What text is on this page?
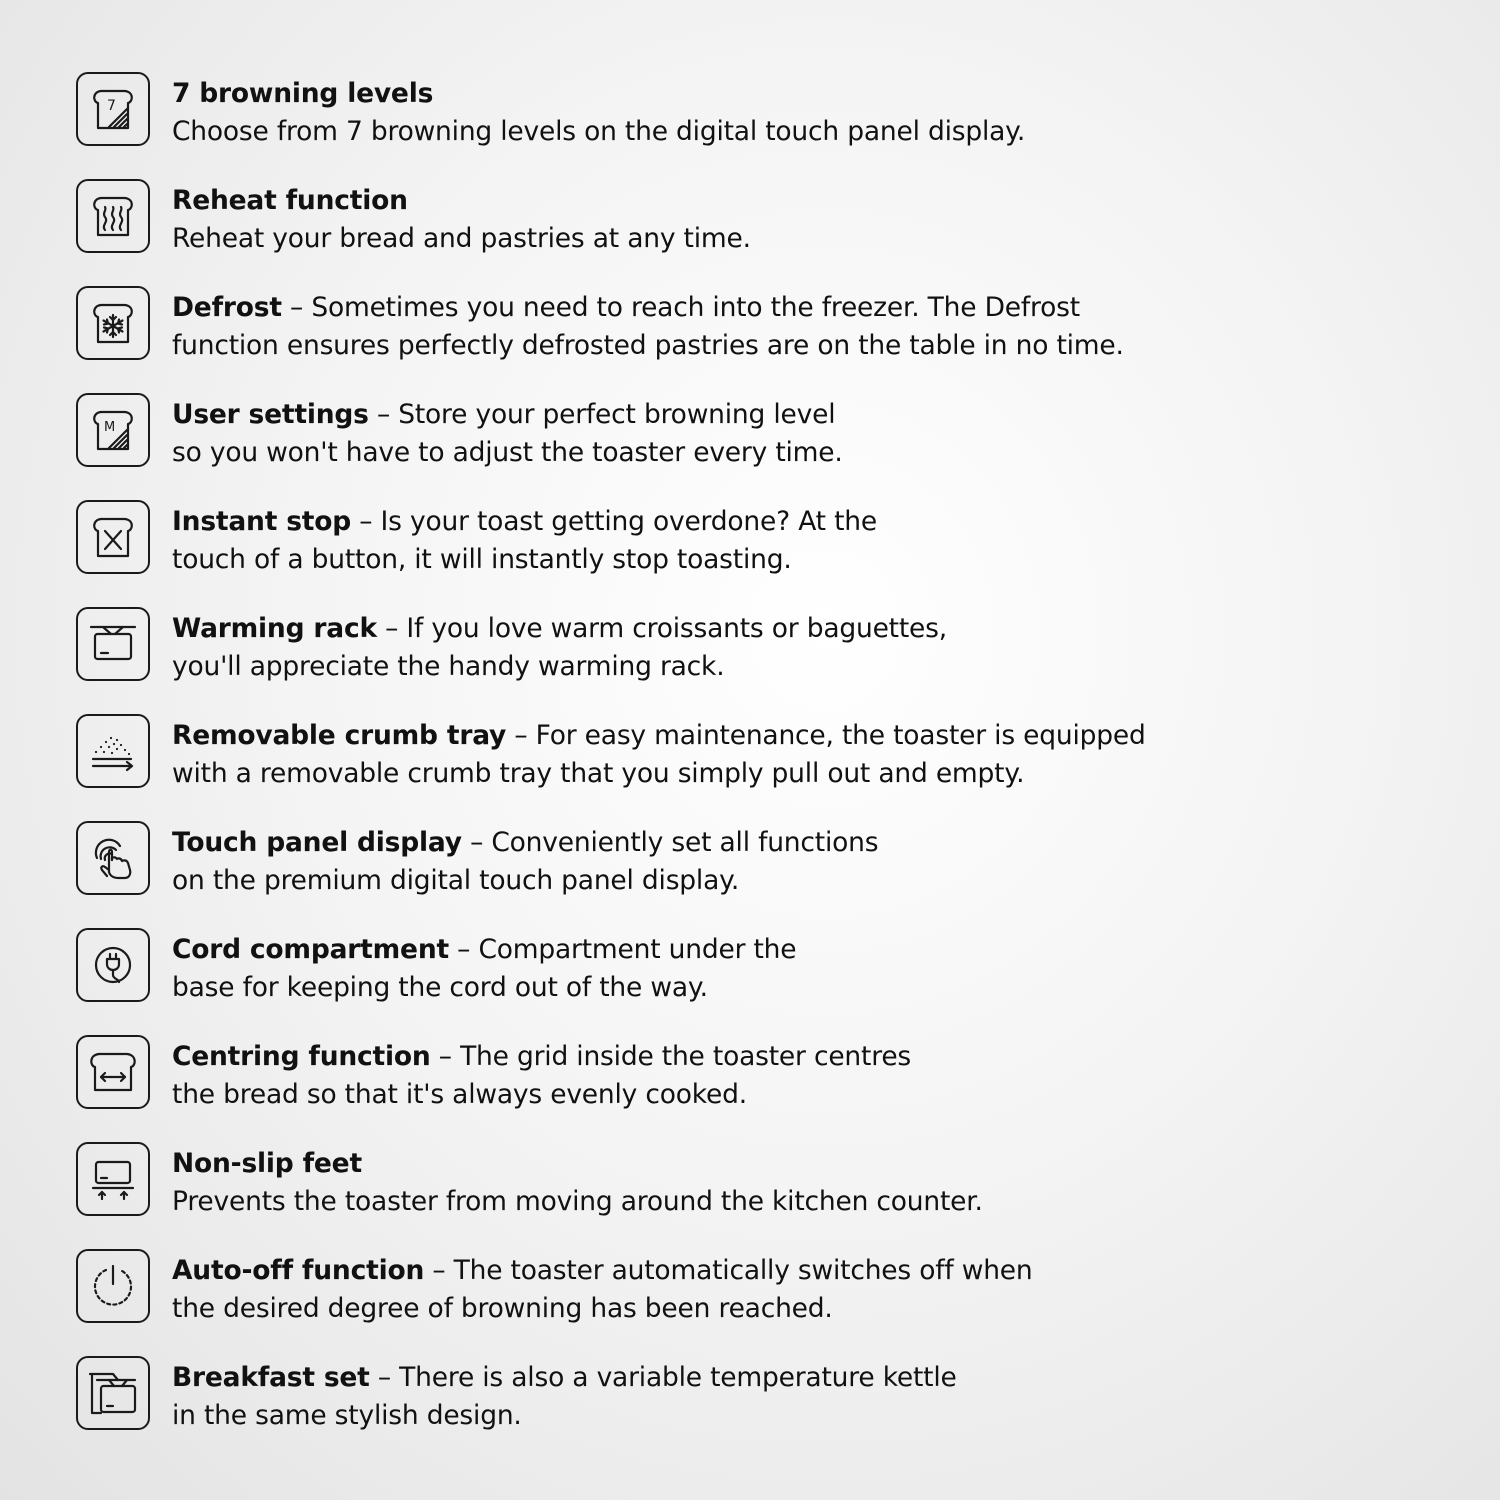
7 7 browning levels
Choose from 7 browning levels on the digital touch panel display.
Reheat function
Reheat your bread and pastries at any time.
Defrost – Sometimes you need to reach into the freezer. The Defrost
function ensures perfectly defrosted pastries are on the table in no time.
M User settings – Store your perfect browning level
so you won't have to adjust the toaster every time.
Instant stop – Is your toast getting overdone? At the
touch of a button, it will instantly stop toasting.
Warming rack – If you love warm croissants or baguettes,
you'll appreciate the handy warming rack.
Removable crumb tray – For easy maintenance, the toaster is equipped
with a removable crumb tray that you simply pull out and empty.
Touch panel display – Conveniently set all functions
on the premium digital touch panel display.
Cord compartment – Compartment under the
base for keeping the cord out of the way.
Centring function – The grid inside the toaster centres
the bread so that it's always evenly cooked.
Non-slip feet
Prevents the toaster from moving around the kitchen counter.
Auto-off function – The toaster automatically switches off when
the desired degree of browning has been reached.
Breakfast set – There is also a variable temperature kettle
in the same stylish design.
